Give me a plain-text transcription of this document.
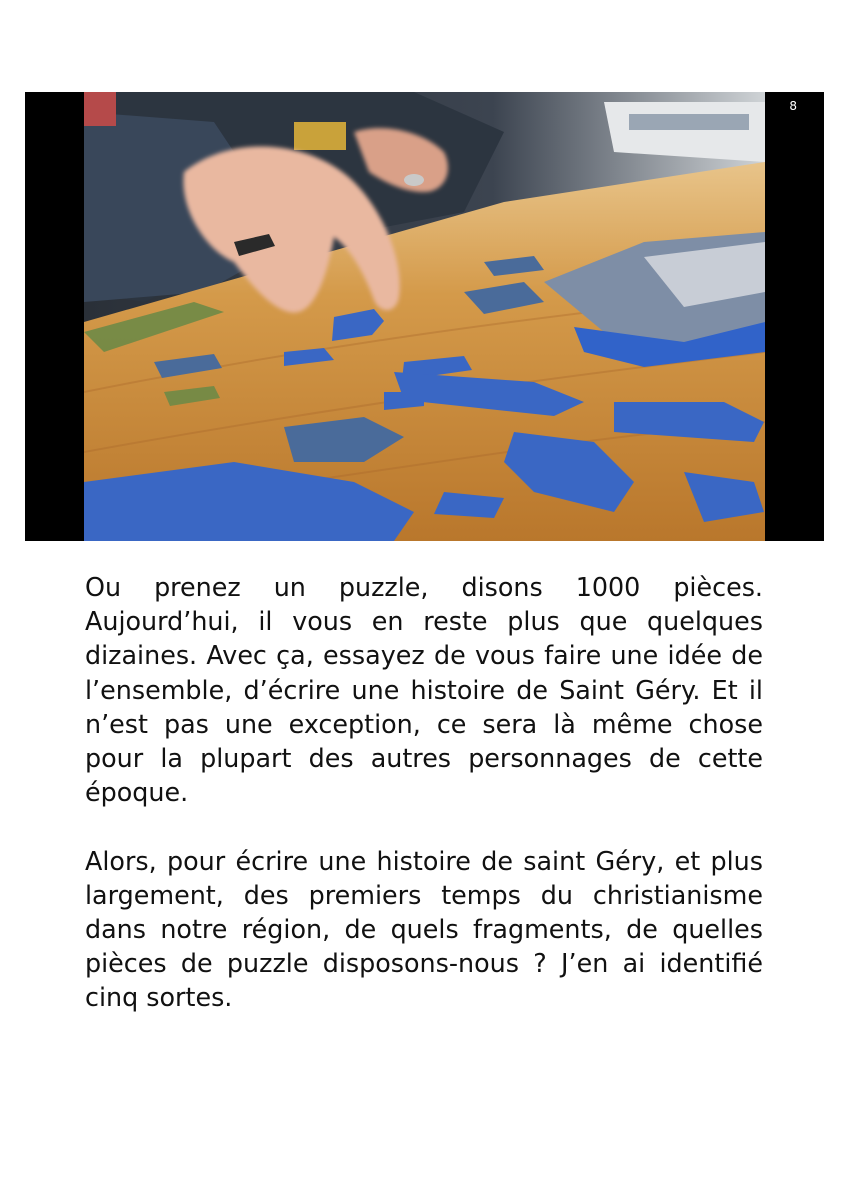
8

Ou prenez un puzzle, disons 1000 pièces. Aujourd’hui, il vous en reste plus que quelques dizaines. Avec ça, essayez de vous faire une idée de l’ensemble, d’écrire une histoire de Saint Géry. Et il n’est pas une exception, ce sera là même chose pour la plupart des autres personnages de cette époque.

Alors, pour écrire une histoire de saint Géry, et plus largement, des premiers temps du christianisme dans notre région, de quels fragments, de quelles pièces de puzzle disposons-nous ? J’en ai identifié cinq sortes.
